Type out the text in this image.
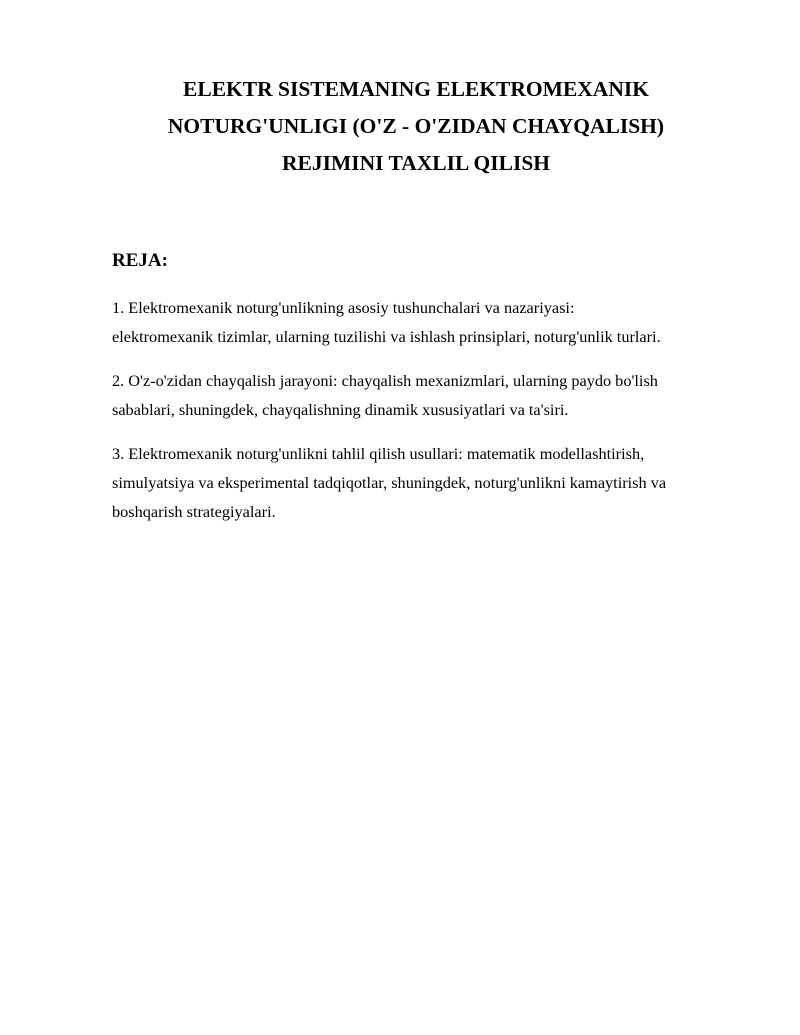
ELEKTR SISTEMANING ELEKTROMEXANIK
NOTURG'UNLIGI (O'Z - O'ZIDAN CHAYQALISH)
REJIMINI TAXLIL QILISH
REJA:
1. Elektromexanik noturg'unlikning asosiy tushunchalari va nazariyasi:
elektromexanik tizimlar, ularning tuzilishi va ishlash prinsiplari, noturg'unlik turlari.
2. O'z-o'zidan chayqalish jarayoni: chayqalish mexanizmlari, ularning paydo bo'lish
sabablari, shuningdek, chayqalishning dinamik xususiyatlari va ta'siri.
3. Elektromexanik noturg'unlikni tahlil qilish usullari: matematik modellashtirish,
simulyatsiya va eksperimental tadqiqotlar, shuningdek, noturg'unlikni kamaytirish va
boshqarish strategiyalari.
